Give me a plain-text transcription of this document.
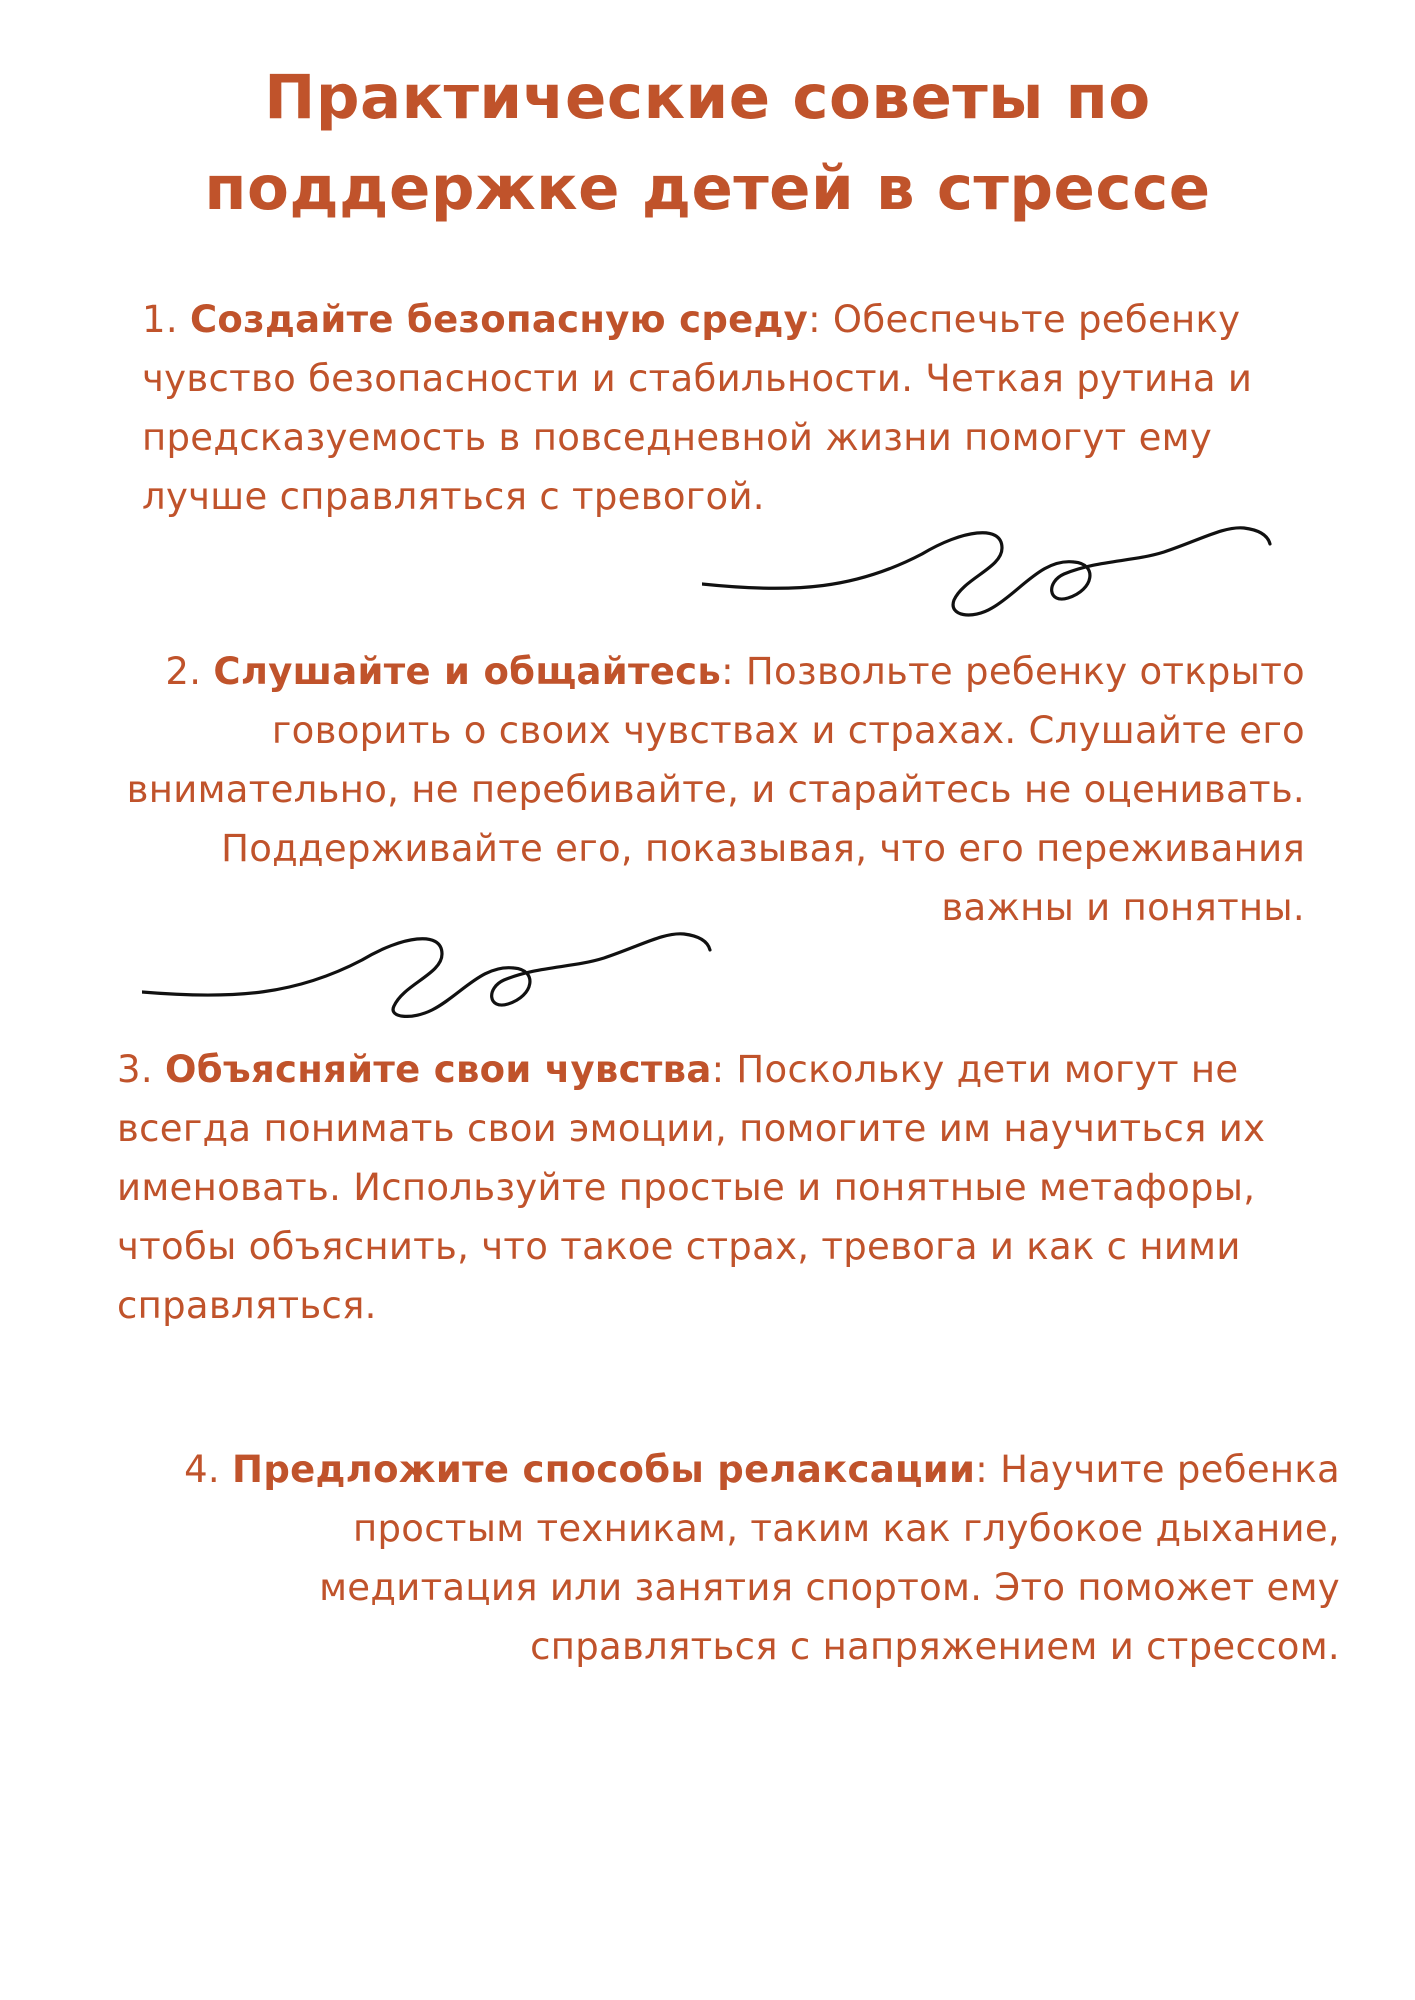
Практические советы по
поддержке детей в стрессе

1. Создайте безопасную среду: Обеспечьте ребенку
чувство безопасности и стабильности. Четкая рутина и
предсказуемость в повседневной жизни помогут ему
лучше справляться с тревогой.

2. Слушайте и общайтесь: Позвольте ребенку открыто
говорить о своих чувствах и страхах. Слушайте его
внимательно, не перебивайте, и старайтесь не оценивать.
Поддерживайте его, показывая, что его переживания
важны и понятны.

3. Объясняйте свои чувства: Поскольку дети могут не
всегда понимать свои эмоции, помогите им научиться их
именовать. Используйте простые и понятные метафоры,
чтобы объяснить, что такое страх, тревога и как с ними
справляться.

4. Предложите способы релаксации: Научите ребенка
простым техникам, таким как глубокое дыхание,
медитация или занятия спортом. Это поможет ему
справляться с напряжением и стрессом.
